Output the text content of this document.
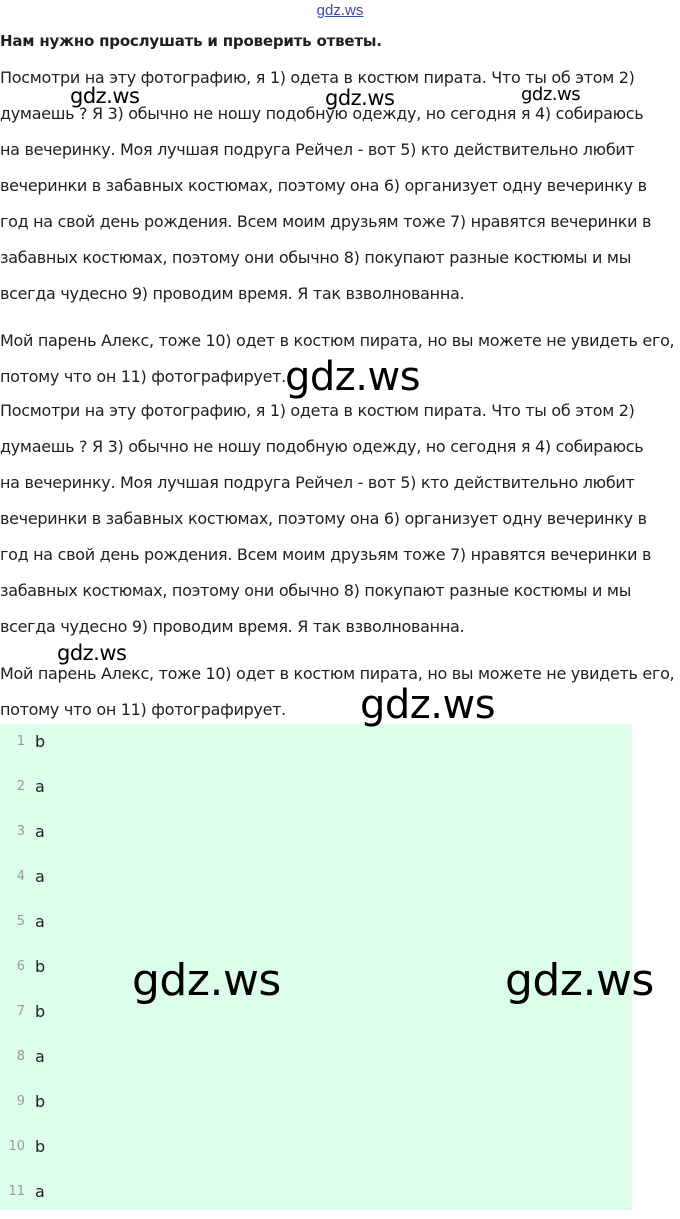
gdz.ws
Нам нужно прослушать и проверить ответы.
Посмотри на эту фотографию, я 1) одета в костюм пирата. Что ты об этом 2)
думаешь ? Я 3) обычно не ношу подобную одежду, но сегодня я 4) собираюсь
на вечеринку. Моя лучшая подруга Рейчел - вот 5) кто действительно любит
вечеринки в забавных костюмах, поэтому она 6) организует одну вечеринку в
год на свой день рождения. Всем моим друзьям тоже 7) нравятся вечеринки в
забавных костюмах, поэтому они обычно 8) покупают разные костюмы и мы
всегда чудесно 9) проводим время. Я так взволнованна.
Мой парень Алекс, тоже 10) одет в костюм пирата, но вы можете не увидеть его,
потому что он 11) фотографирует.
Посмотри на эту фотографию, я 1) одета в костюм пирата. Что ты об этом 2)
думаешь ? Я 3) обычно не ношу подобную одежду, но сегодня я 4) собираюсь
на вечеринку. Моя лучшая подруга Рейчел - вот 5) кто действительно любит
вечеринки в забавных костюмах, поэтому она 6) организует одну вечеринку в
год на свой день рождения. Всем моим друзьям тоже 7) нравятся вечеринки в
забавных костюмах, поэтому они обычно 8) покупают разные костюмы и мы
всегда чудесно 9) проводим время. Я так взволнованна.
Мой парень Алекс, тоже 10) одет в костюм пирата, но вы можете не увидеть его,
потому что он 11) фотографирует.
1 b
2 a
3 a
4 a
5 a
6 b
7 b
8 a
9 b
10 b
11 a
gdz.ws	gdz.ws	gdz.ws
gdz.ws
gdz.ws
gdz.ws
gdz.ws	gdz.ws
